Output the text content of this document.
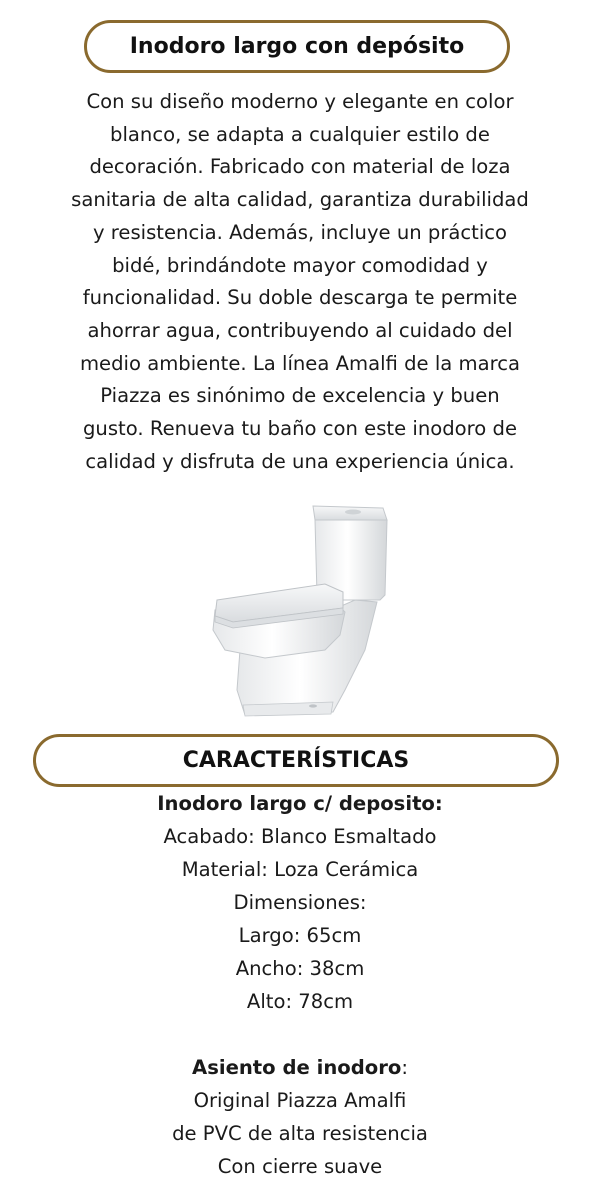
Inodoro largo con depósito
Con su diseño moderno y elegante en color
blanco, se adapta a cualquier estilo de
decoración. Fabricado con material de loza
sanitaria de alta calidad, garantiza durabilidad
y resistencia. Además, incluye un práctico
bidé, brindándote mayor comodidad y
funcionalidad. Su doble descarga te permite
ahorrar agua, contribuyendo al cuidado del
medio ambiente. La línea Amalfi de la marca
Piazza es sinónimo de excelencia y buen
gusto. Renueva tu baño con este inodoro de
calidad y disfruta de una experiencia única.
CARACTERÍSTICAS
Inodoro largo c/ deposito:
Acabado: Blanco Esmaltado
Material: Loza Cerámica
Dimensiones:
Largo: 65cm
Ancho: 38cm
Alto: 78cm
Asiento de inodoro:
Original Piazza Amalfi
de PVC de alta resistencia
Con cierre suave
